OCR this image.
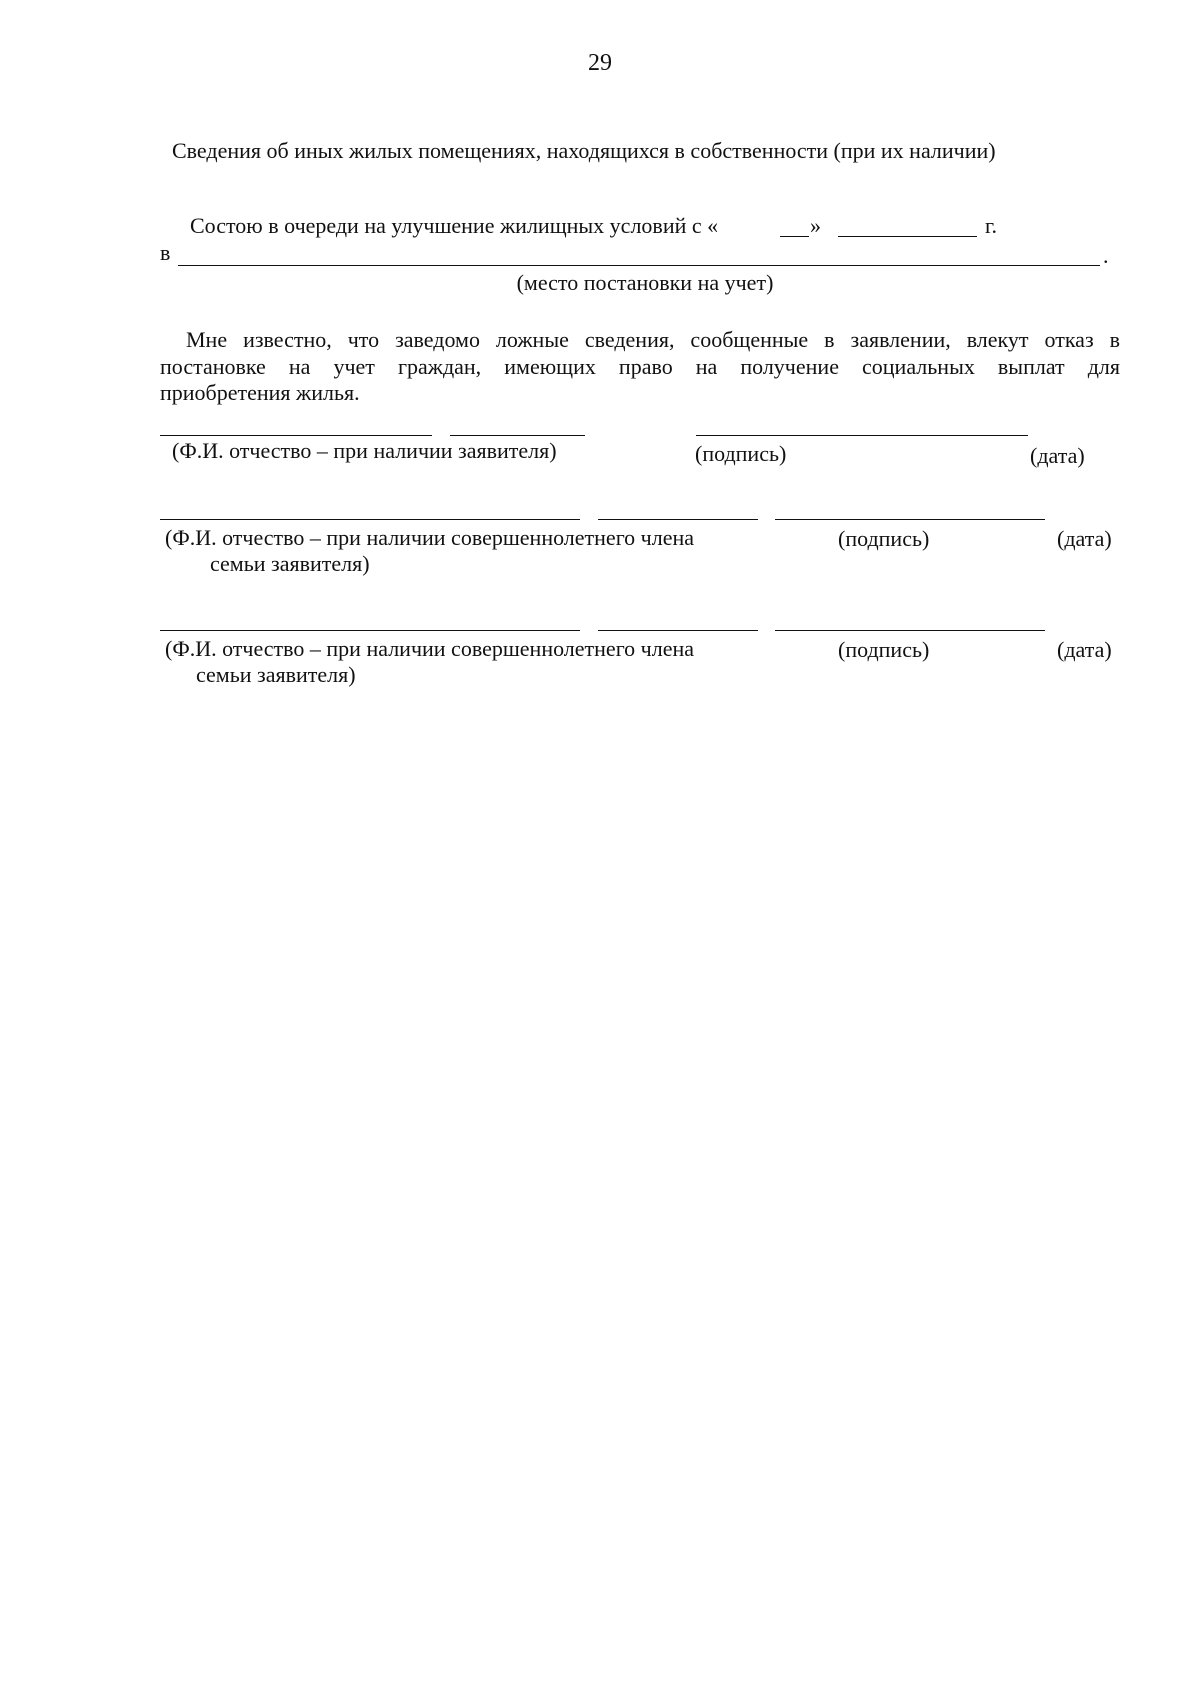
29
Сведения об иных жилых помещениях, находящихся в собственности (при их наличии)
Состою в очереди на улучшение жилищных условий с «	»	г.
в	.
(место постановки на учет)
Мне известно, что заведомо ложные сведения, сообщенные в заявлении, влекут отказ в
постановке на учет граждан, имеющих право на получение социальных выплат для
приобретения жилья.
(Ф.И. отчество – при наличии заявителя)	(подпись)	(дата)
(Ф.И. отчество – при наличии совершеннолетнего члена
семьи заявителя)
(подпись)	(дата)
(Ф.И. отчество – при наличии совершеннолетнего члена
семьи заявителя)
(подпись)	(дата)
